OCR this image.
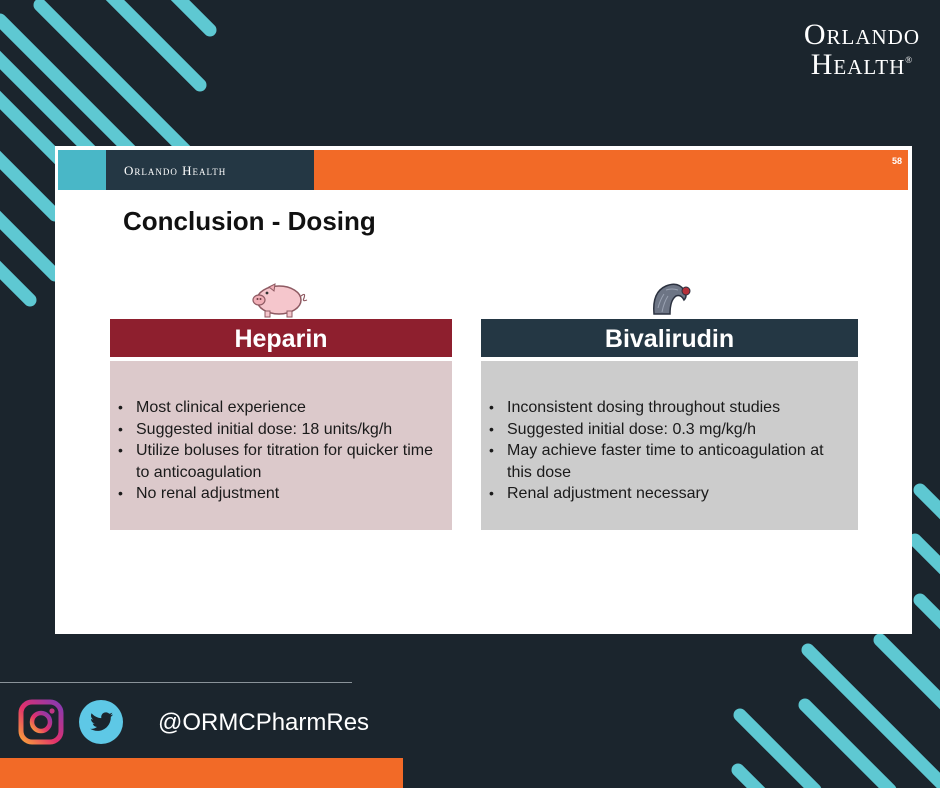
Orlando
Health®
Orlando Health
58
Conclusion - Dosing
Heparin
• Most clinical experience
• Suggested initial dose: 18 units/kg/h
• Utilize boluses for titration for quicker time to anticoagulation
• No renal adjustment
Bivalirudin
• Inconsistent dosing throughout studies
• Suggested initial dose: 0.3 mg/kg/h
• May achieve faster time to anticoagulation at this dose
• Renal adjustment necessary
@ORMCPharmRes
